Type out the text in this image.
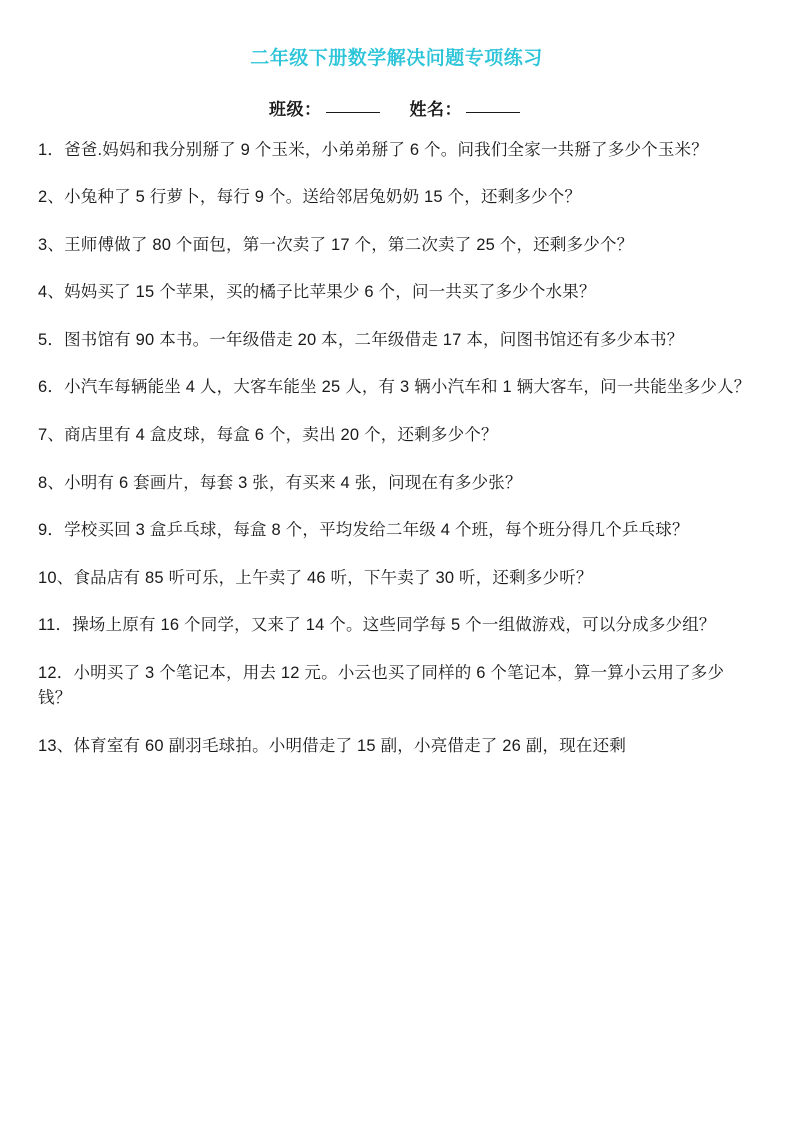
二年级下册数学解决问题专项练习
班级：	姓名：

1．爸爸.妈妈和我分别掰了 9 个玉米，小弟弟掰了 6 个。问我们全家一共掰了多少个玉米？

2、小兔种了 5 行萝卜，每行 9 个。送给邻居兔奶奶 15 个，还剩多少个？

3、王师傅做了 80 个面包，第一次卖了 17 个，第二次卖了 25 个，还剩多少个？

4、妈妈买了 15 个苹果，买的橘子比苹果少 6 个，问一共买了多少个水果？

5．图书馆有 90 本书。一年级借走 20 本，二年级借走 17 本，问图书馆还有多少本书？

6．小汽车每辆能坐 4 人，大客车能坐 25 人，有 3 辆小汽车和 1 辆大客车，问一共能坐多少人？

7、商店里有 4 盒皮球，每盒 6 个，卖出 20 个，还剩多少个？

8、小明有 6 套画片，每套 3 张，有买来 4 张，问现在有多少张？

9．学校买回 3 盒乒乓球，每盒 8 个，平均发给二年级 4 个班，每个班分得几个乒乓球？

10、食品店有 85 听可乐，上午卖了 46 听，下午卖了 30 听，还剩多少听？

11．操场上原有 16 个同学，又来了 14 个。这些同学每 5 个一组做游戏，可以分成多少组？

12．小明买了 3 个笔记本，用去 12 元。小云也买了同样的 6 个笔记本，算一算小云用了多少钱？

13、体育室有 60 副羽毛球拍。小明借走了 15 副，小亮借走了 26 副，现在还剩
